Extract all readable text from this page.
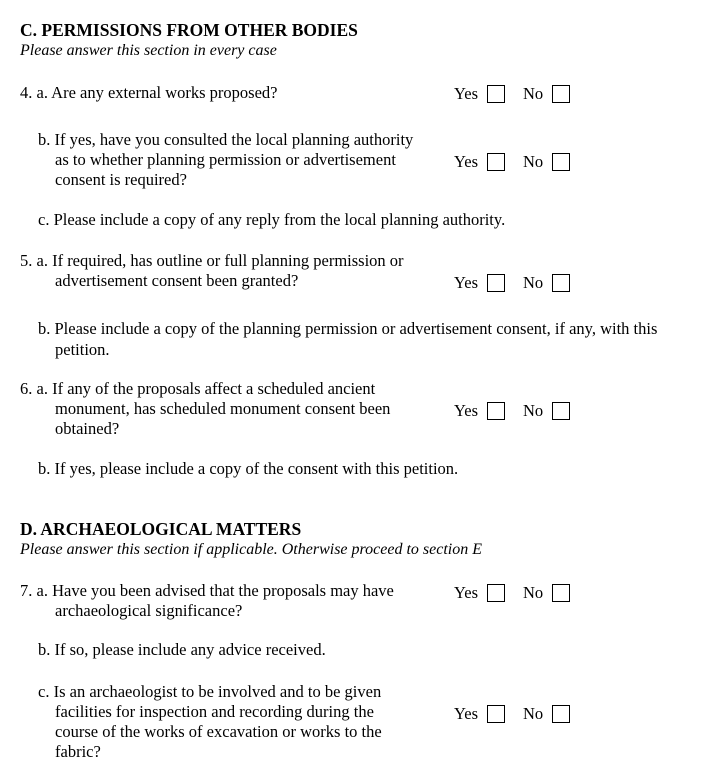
C. PERMISSIONS FROM OTHER BODIES
Please answer this section in every case
4. a. Are any external works proposed?	Yes	No
b. If yes, have you consulted the local planning authority
as to whether planning permission or advertisement
consent is required?
Yes	No
c. Please include a copy of any reply from the local planning authority.
5. a. If required, has outline or full planning permission or
advertisement consent been granted?	Yes	No
b. Please include a copy of the planning permission or advertisement consent, if any, with this
petition.
6. a. If any of the proposals affect a scheduled ancient
monument, has scheduled monument consent been
obtained?
Yes	No
b. If yes, please include a copy of the consent with this petition.
D. ARCHAEOLOGICAL MATTERS
Please answer this section if applicable. Otherwise proceed to section E
7. a. Have you been advised that the proposals may have
archaeological significance?
Yes	No
b. If so, please include any advice received.
c. Is an archaeologist to be involved and to be given
facilities for inspection and recording during the
course of the works of excavation or works to the
fabric?
Yes	No
